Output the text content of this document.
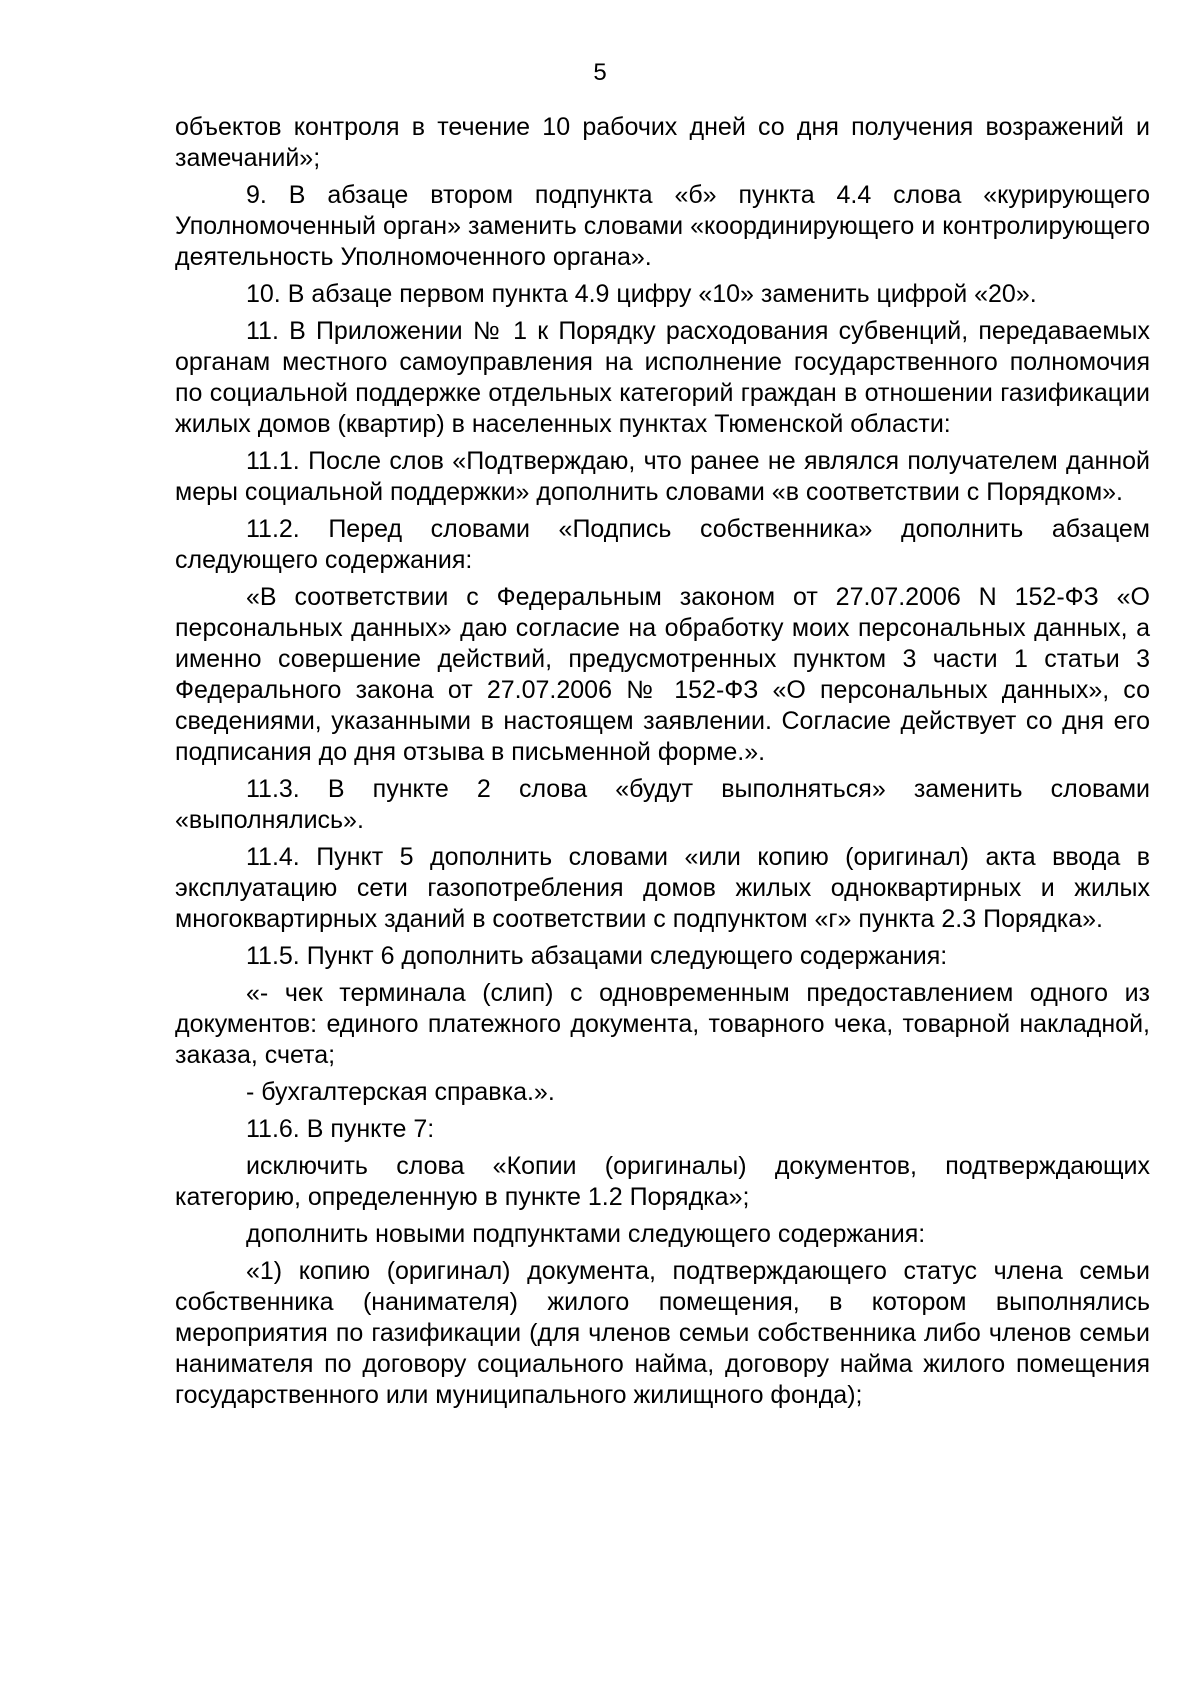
5

объектов контроля в течение 10 рабочих дней со дня получения возражений и замечаний»;

9. В абзаце втором подпункта «б» пункта 4.4 слова «курирующего Уполномоченный орган» заменить словами «координирующего и контролирующего деятельность Уполномоченного органа».

10. В абзаце первом пункта 4.9 цифру «10» заменить цифрой «20».

11. В Приложении № 1 к Порядку расходования субвенций, передаваемых органам местного самоуправления на исполнение государственного полномочия по социальной поддержке отдельных категорий граждан в отношении газификации жилых домов (квартир) в населенных пунктах Тюменской области:

11.1. После слов «Подтверждаю, что ранее не являлся получателем данной меры социальной поддержки» дополнить словами «в соответствии с Порядком».

11.2. Перед словами «Подпись собственника» дополнить абзацем следующего содержания:

«В соответствии с Федеральным законом от 27.07.2006 N 152-ФЗ «О персональных данных» даю согласие на обработку моих персональных данных, а именно совершение действий, предусмотренных пунктом 3 части 1 статьи 3 Федерального закона от 27.07.2006 № 152-ФЗ «О персональных данных», со сведениями, указанными в настоящем заявлении. Согласие действует со дня его подписания до дня отзыва в письменной форме.».

11.3. В пункте 2 слова «будут выполняться» заменить словами «выполнялись».

11.4. Пункт 5 дополнить словами «или копию (оригинал) акта ввода в эксплуатацию сети газопотребления домов жилых одноквартирных и жилых многоквартирных зданий в соответствии с подпунктом «г» пункта 2.3 Порядка».

11.5. Пункт 6 дополнить абзацами следующего содержания:

«- чек терминала (слип) с одновременным предоставлением одного из документов: единого платежного документа, товарного чека, товарной накладной, заказа, счета;

- бухгалтерская справка.».

11.6. В пункте 7:

исключить слова «Копии (оригиналы) документов, подтверждающих категорию, определенную в пункте 1.2 Порядка»;

дополнить новыми подпунктами следующего содержания:

«1) копию (оригинал) документа, подтверждающего статус члена семьи собственника (нанимателя) жилого помещения, в котором выполнялись мероприятия по газификации (для членов семьи собственника либо членов семьи нанимателя по договору социального найма, договору найма жилого помещения государственного или муниципального жилищного фонда);
